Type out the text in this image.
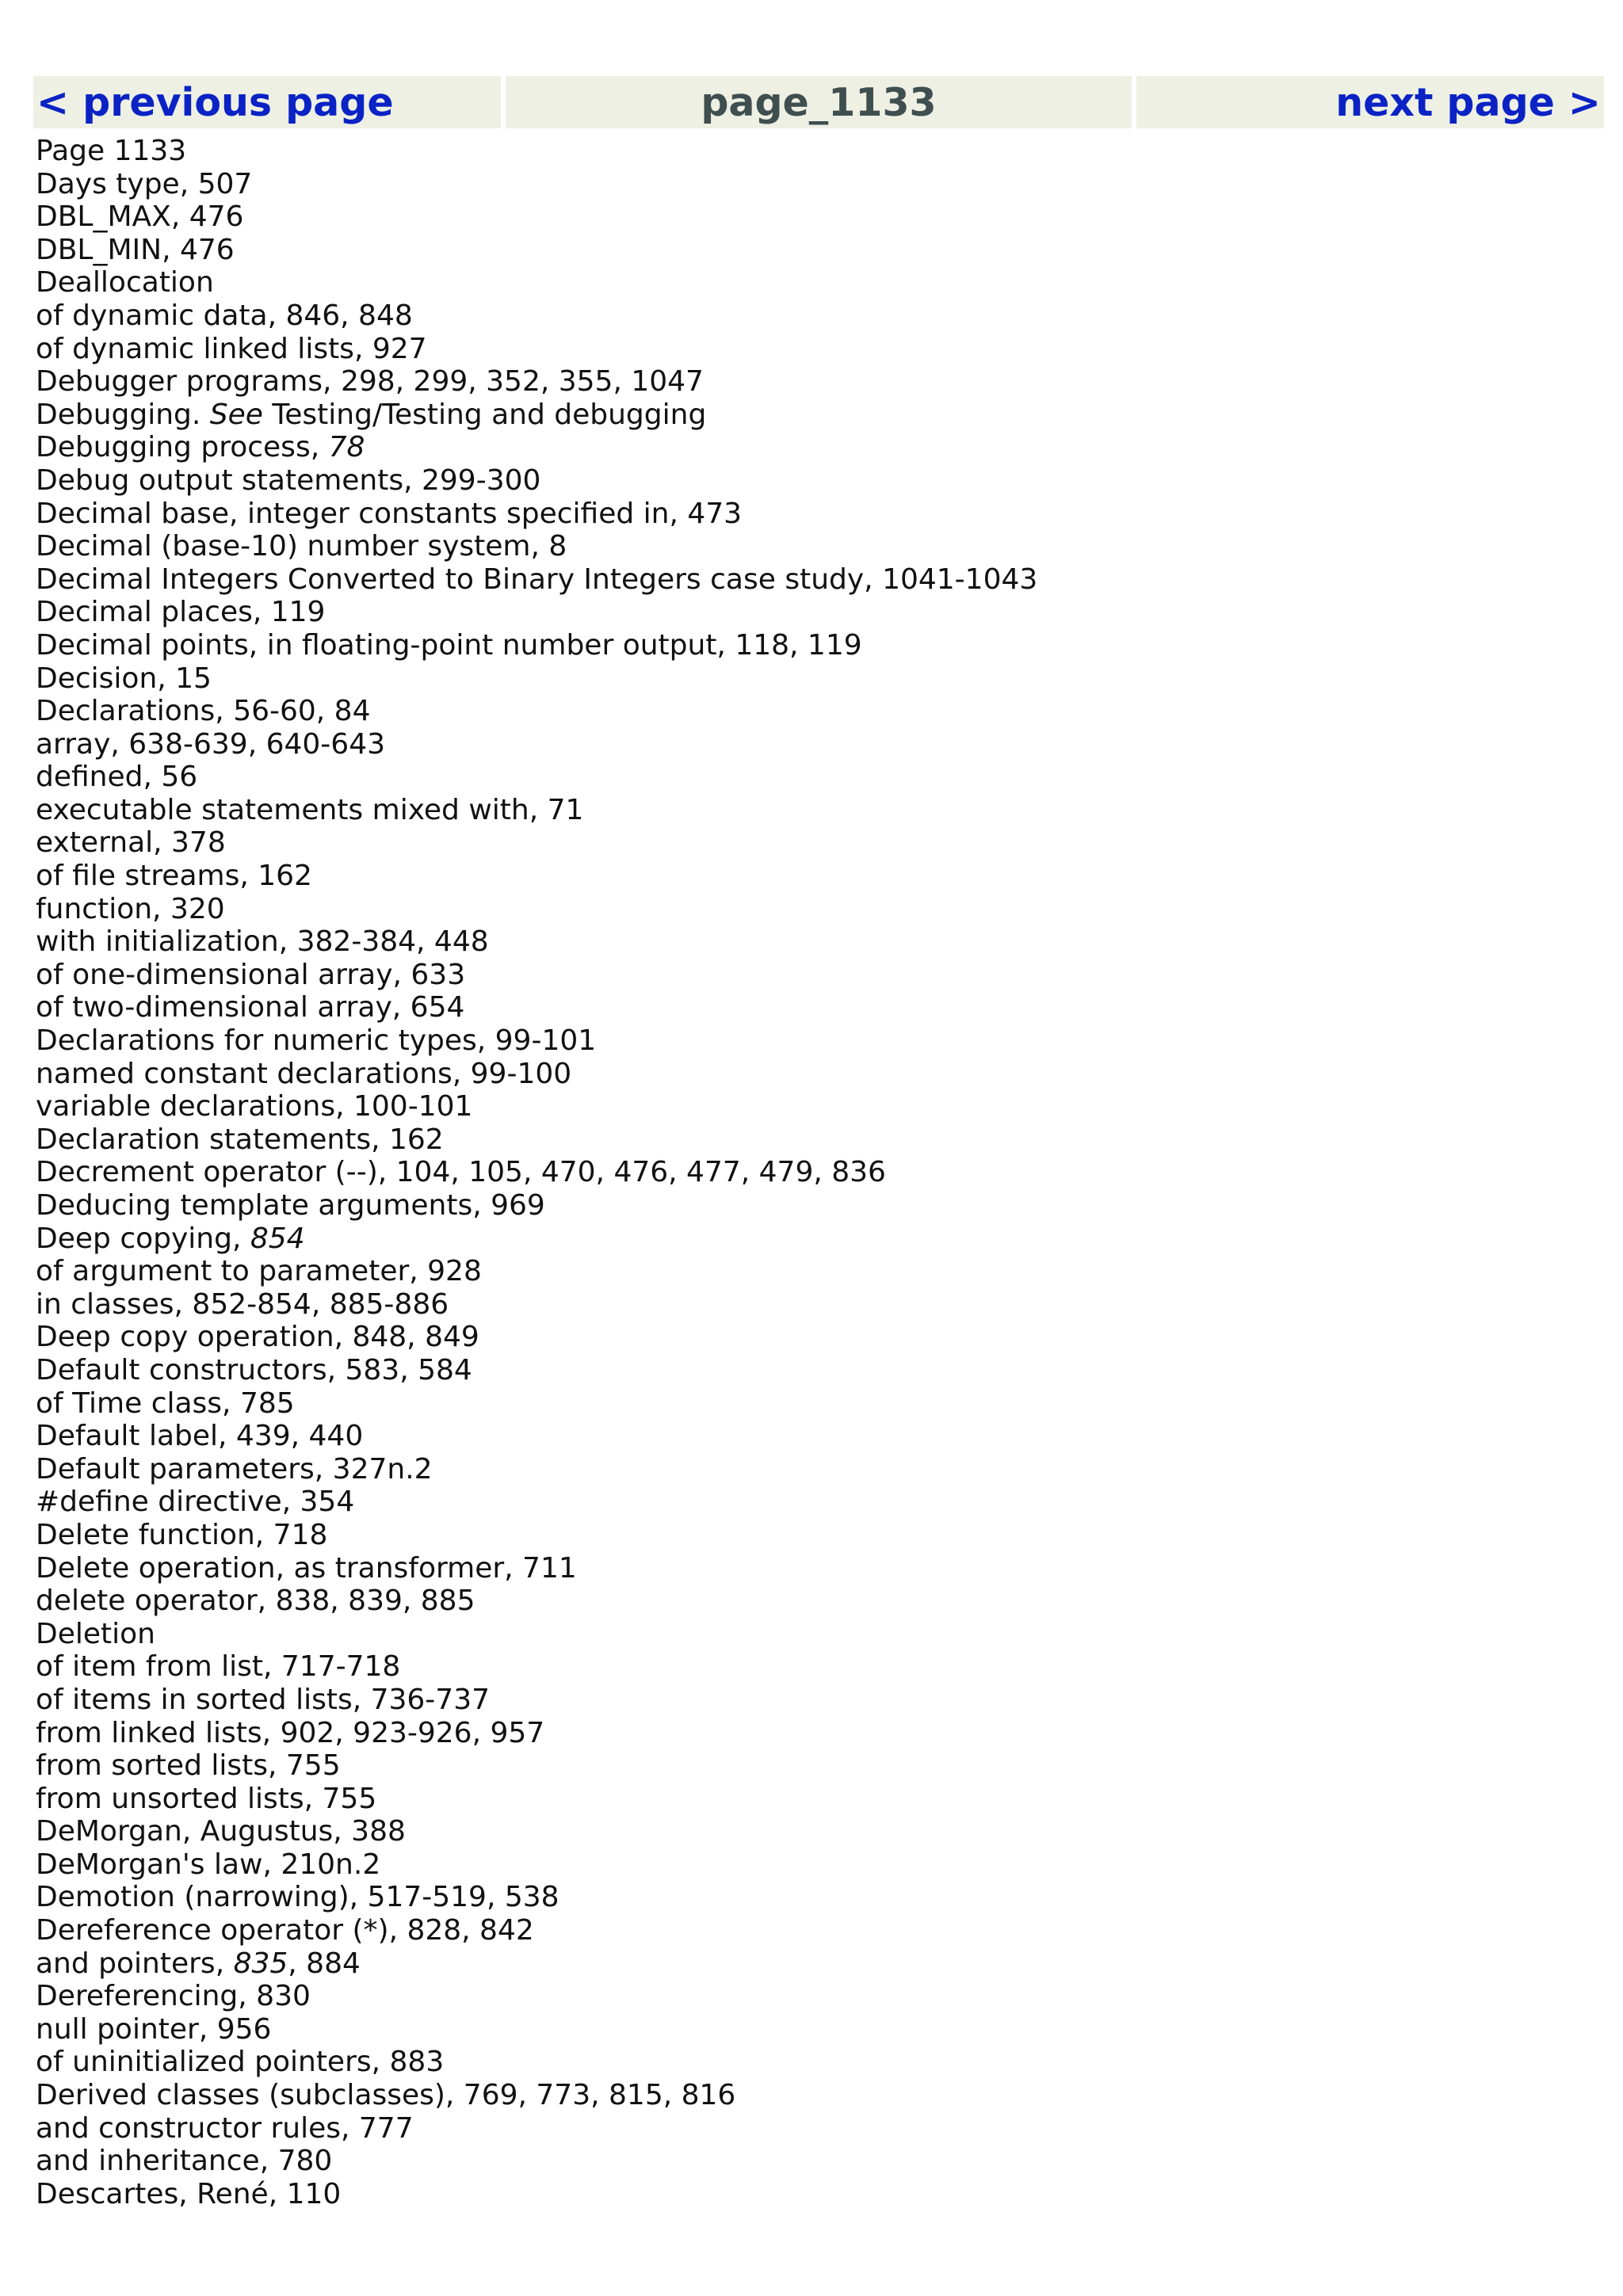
< previous page	page_1133	next page >
Page 1133
Days type, 507
DBL_MAX, 476
DBL_MIN, 476
Deallocation
of dynamic data, 846, 848
of dynamic linked lists, 927
Debugger programs, 298, 299, 352, 355, 1047
Debugging. See Testing/Testing and debugging
Debugging process, 78
Debug output statements, 299-300
Decimal base, integer constants specified in, 473
Decimal (base-10) number system, 8
Decimal Integers Converted to Binary Integers case study, 1041-1043
Decimal places, 119
Decimal points, in floating-point number output, 118, 119
Decision, 15
Declarations, 56-60, 84
array, 638-639, 640-643
defined, 56
executable statements mixed with, 71
external, 378
of file streams, 162
function, 320
with initialization, 382-384, 448
of one-dimensional array, 633
of two-dimensional array, 654
Declarations for numeric types, 99-101
named constant declarations, 99-100
variable declarations, 100-101
Declaration statements, 162
Decrement operator (--), 104, 105, 470, 476, 477, 479, 836
Deducing template arguments, 969
Deep copying, 854
of argument to parameter, 928
in classes, 852-854, 885-886
Deep copy operation, 848, 849
Default constructors, 583, 584
of Time class, 785
Default label, 439, 440
Default parameters, 327n.2
#define directive, 354
Delete function, 718
Delete operation, as transformer, 711
delete operator, 838, 839, 885
Deletion
of item from list, 717-718
of items in sorted lists, 736-737
from linked lists, 902, 923-926, 957
from sorted lists, 755
from unsorted lists, 755
DeMorgan, Augustus, 388
DeMorgan's law, 210n.2
Demotion (narrowing), 517-519, 538
Dereference operator (*), 828, 842
and pointers, 835, 884
Dereferencing, 830
null pointer, 956
of uninitialized pointers, 883
Derived classes (subclasses), 769, 773, 815, 816
and constructor rules, 777
and inheritance, 780
Descartes, René, 110
